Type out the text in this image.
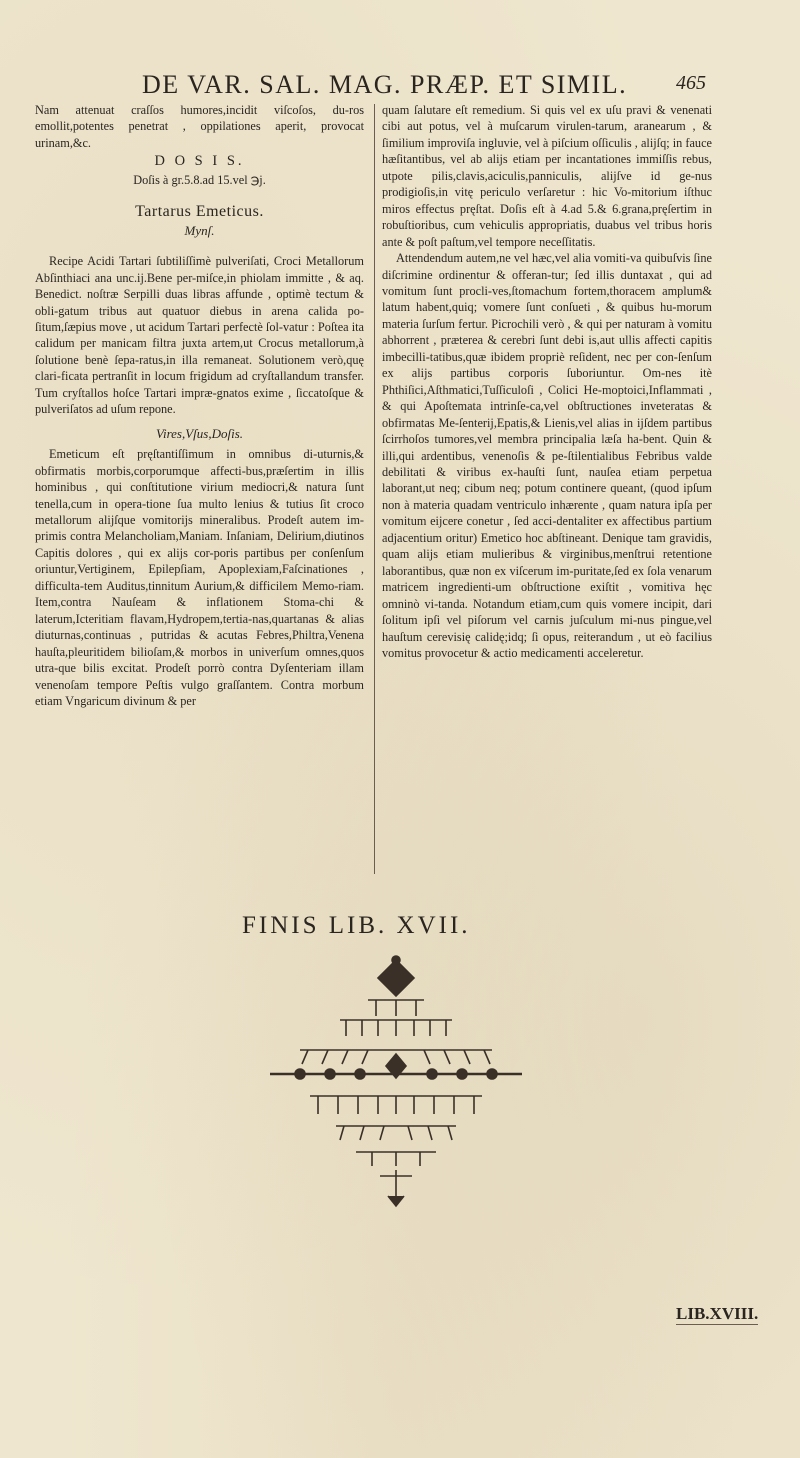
DE VAR. SAL. MAG. PRÆP. ET SIMIL. 465

Nam attenuat craſſos humores,incidit viſcoſos, du-ros emollit,potentes penetrat , oppilationes aperit, provocat urinam,&c.

D O S I S.

Doſis à gr.5.8.ad 15.vel ℈j.

Tartarus Emeticus.

Mynſ.

Recipe Acidi Tartari ſubtiliſſimè pulveriſati, Croci Metallorum Abſinthiaci ana unc.ij.Bene per-miſce,in phiolam immitte , & aq. Benedict. noſtræ Serpilli duas libras affunde , optimè tectum & obli-gatum tribus aut quatuor diebus in arena calida po-ſitum,ſæpius move , ut acidum Tartari perfectè ſol-vatur : Poſtea ita calidum per manicam filtra juxta artem,ut Crocus metallorum,à ſolutione benè ſepa-ratus,in illa remaneat. Solutionem verò,quę clari-ficata pertranſit in locum frigidum ad cryſtallandum transfer. Tum cryſtallos hoſce Tartari impræ-gnatos exime , ſiccatoſque & pulveriſatos ad uſum repone.

Vires,Vſus,Doſis.

Emeticum eſt pręſtantiſſimum in omnibus di-uturnis,& obfirmatis morbis,corporumque affecti-bus,præſertim in illis hominibus , qui conſtitutione virium mediocri,& natura ſunt tenella,cum in opera-tione ſua multo lenius & tutius ſit croco metallorum alijſque vomitorijs mineralibus. Prodeſt autem im-primis contra Melancholiam,Maniam. Inſaniam, Delirium,diutinos Capitis dolores , qui ex alijs cor-poris partibus per conſenſum oriuntur,Vertiginem, Epilepſiam, Apoplexiam,Faſcinationes , difficulta-tem Auditus,tinnitum Aurium,& difficilem Memo-riam. Item,contra Nauſeam & inflationem Stoma-chi & laterum,Icteritiam flavam,Hydropem,tertia-nas,quartanas & alias diuturnas,continuas , putridas & acutas Febres,Philtra,Venena hauſta,pleuritidem bilioſam,& morbos in univerſum omnes,quos utra-que bilis excitat. Prodeſt porrò contra Dyſenteriam illam venenoſam tempore Peſtis vulgo graſſantem. Contra morbum etiam Vngaricum divinum & per

quam ſalutare eſt remedium. Si quis vel ex uſu pravi & venenati cibi aut potus, vel à muſcarum virulen-tarum, aranearum , & ſimilium improviſa ingluvie, vel à piſcium oſſiculis , alijſq; in fauce hæſitantibus, vel ab alijs etiam per incantationes immiſſis rebus, utpote pilis,clavis,aciculis,panniculis, alijſve id ge-nus prodigioſis,in vitę periculo verſaretur : hic Vo-mitorium iſthuc miros effectus pręſtat. Doſis eſt à 4.ad 5.& 6.grana,pręſertim in robuſtioribus, cum vehiculis appropriatis, duabus vel tribus horis ante & poſt paſtum,vel tempore neceſſitatis.

Attendendum autem,ne vel hæc,vel alia vomiti-va quibuſvis ſine diſcrimine ordinentur & offeran-tur; ſed illis duntaxat , qui ad vomitum ſunt procli-ves,ſtomachum fortem,thoracem amplum& latum habent,quiq; vomere ſunt conſueti , & quibus hu-morum materia ſurſum fertur. Picrochili verò , & qui per naturam à vomitu abhorrent , præterea & cerebri ſunt debi is,aut ullis affecti capitis imbecilli-tatibus,quæ ibidem propriè reſident, nec per con-ſenſum ex alijs partibus corporis ſuboriuntur. Om-nes itè Phthiſici,Aſthmatici,Tuſſiculoſi , Colici He-moptoici,Inflammati , & qui Apoſtemata intrinſe-ca,vel obſtructiones inveteratas & obfirmatas Me-ſenterij,Epatis,& Lienis,vel alias in ijſdem partibus ſcirrhoſos tumores,vel membra principalia læſa ha-bent. Quin & illi,qui ardentibus, venenoſis & pe-ſtilentialibus Febribus valde debilitati & viribus ex-hauſti ſunt, nauſea etiam perpetua laborant,ut neq; cibum neq; potum continere queant, (quod ipſum non à materia quadam ventriculo inhærente , quam natura ipſa per vomitum eijcere conetur , ſed acci-dentaliter ex affectibus partium adjacentium oritur) Emetico hoc abſtineant. Denique tam gravidis, quam alijs etiam mulieribus & virginibus,menſtrui retentione laborantibus, quæ non ex viſcerum im-puritate,ſed ex ſola venarum matricem ingredienti-um obſtructione exiſtit , vomitiva hęc omninò vi-tanda. Notandum etiam,cum quis vomere incipit, dari ſolitum ipſi vel piſorum vel carnis juſculum mi-nus pingue,vel hauſtum cerevisię calidę;idq; ſi opus, reiterandum , ut eò facilius vomitus provocetur & actio medicamenti acceleretur.

FINIS LIB. XVII.
LIB.XVIII.
